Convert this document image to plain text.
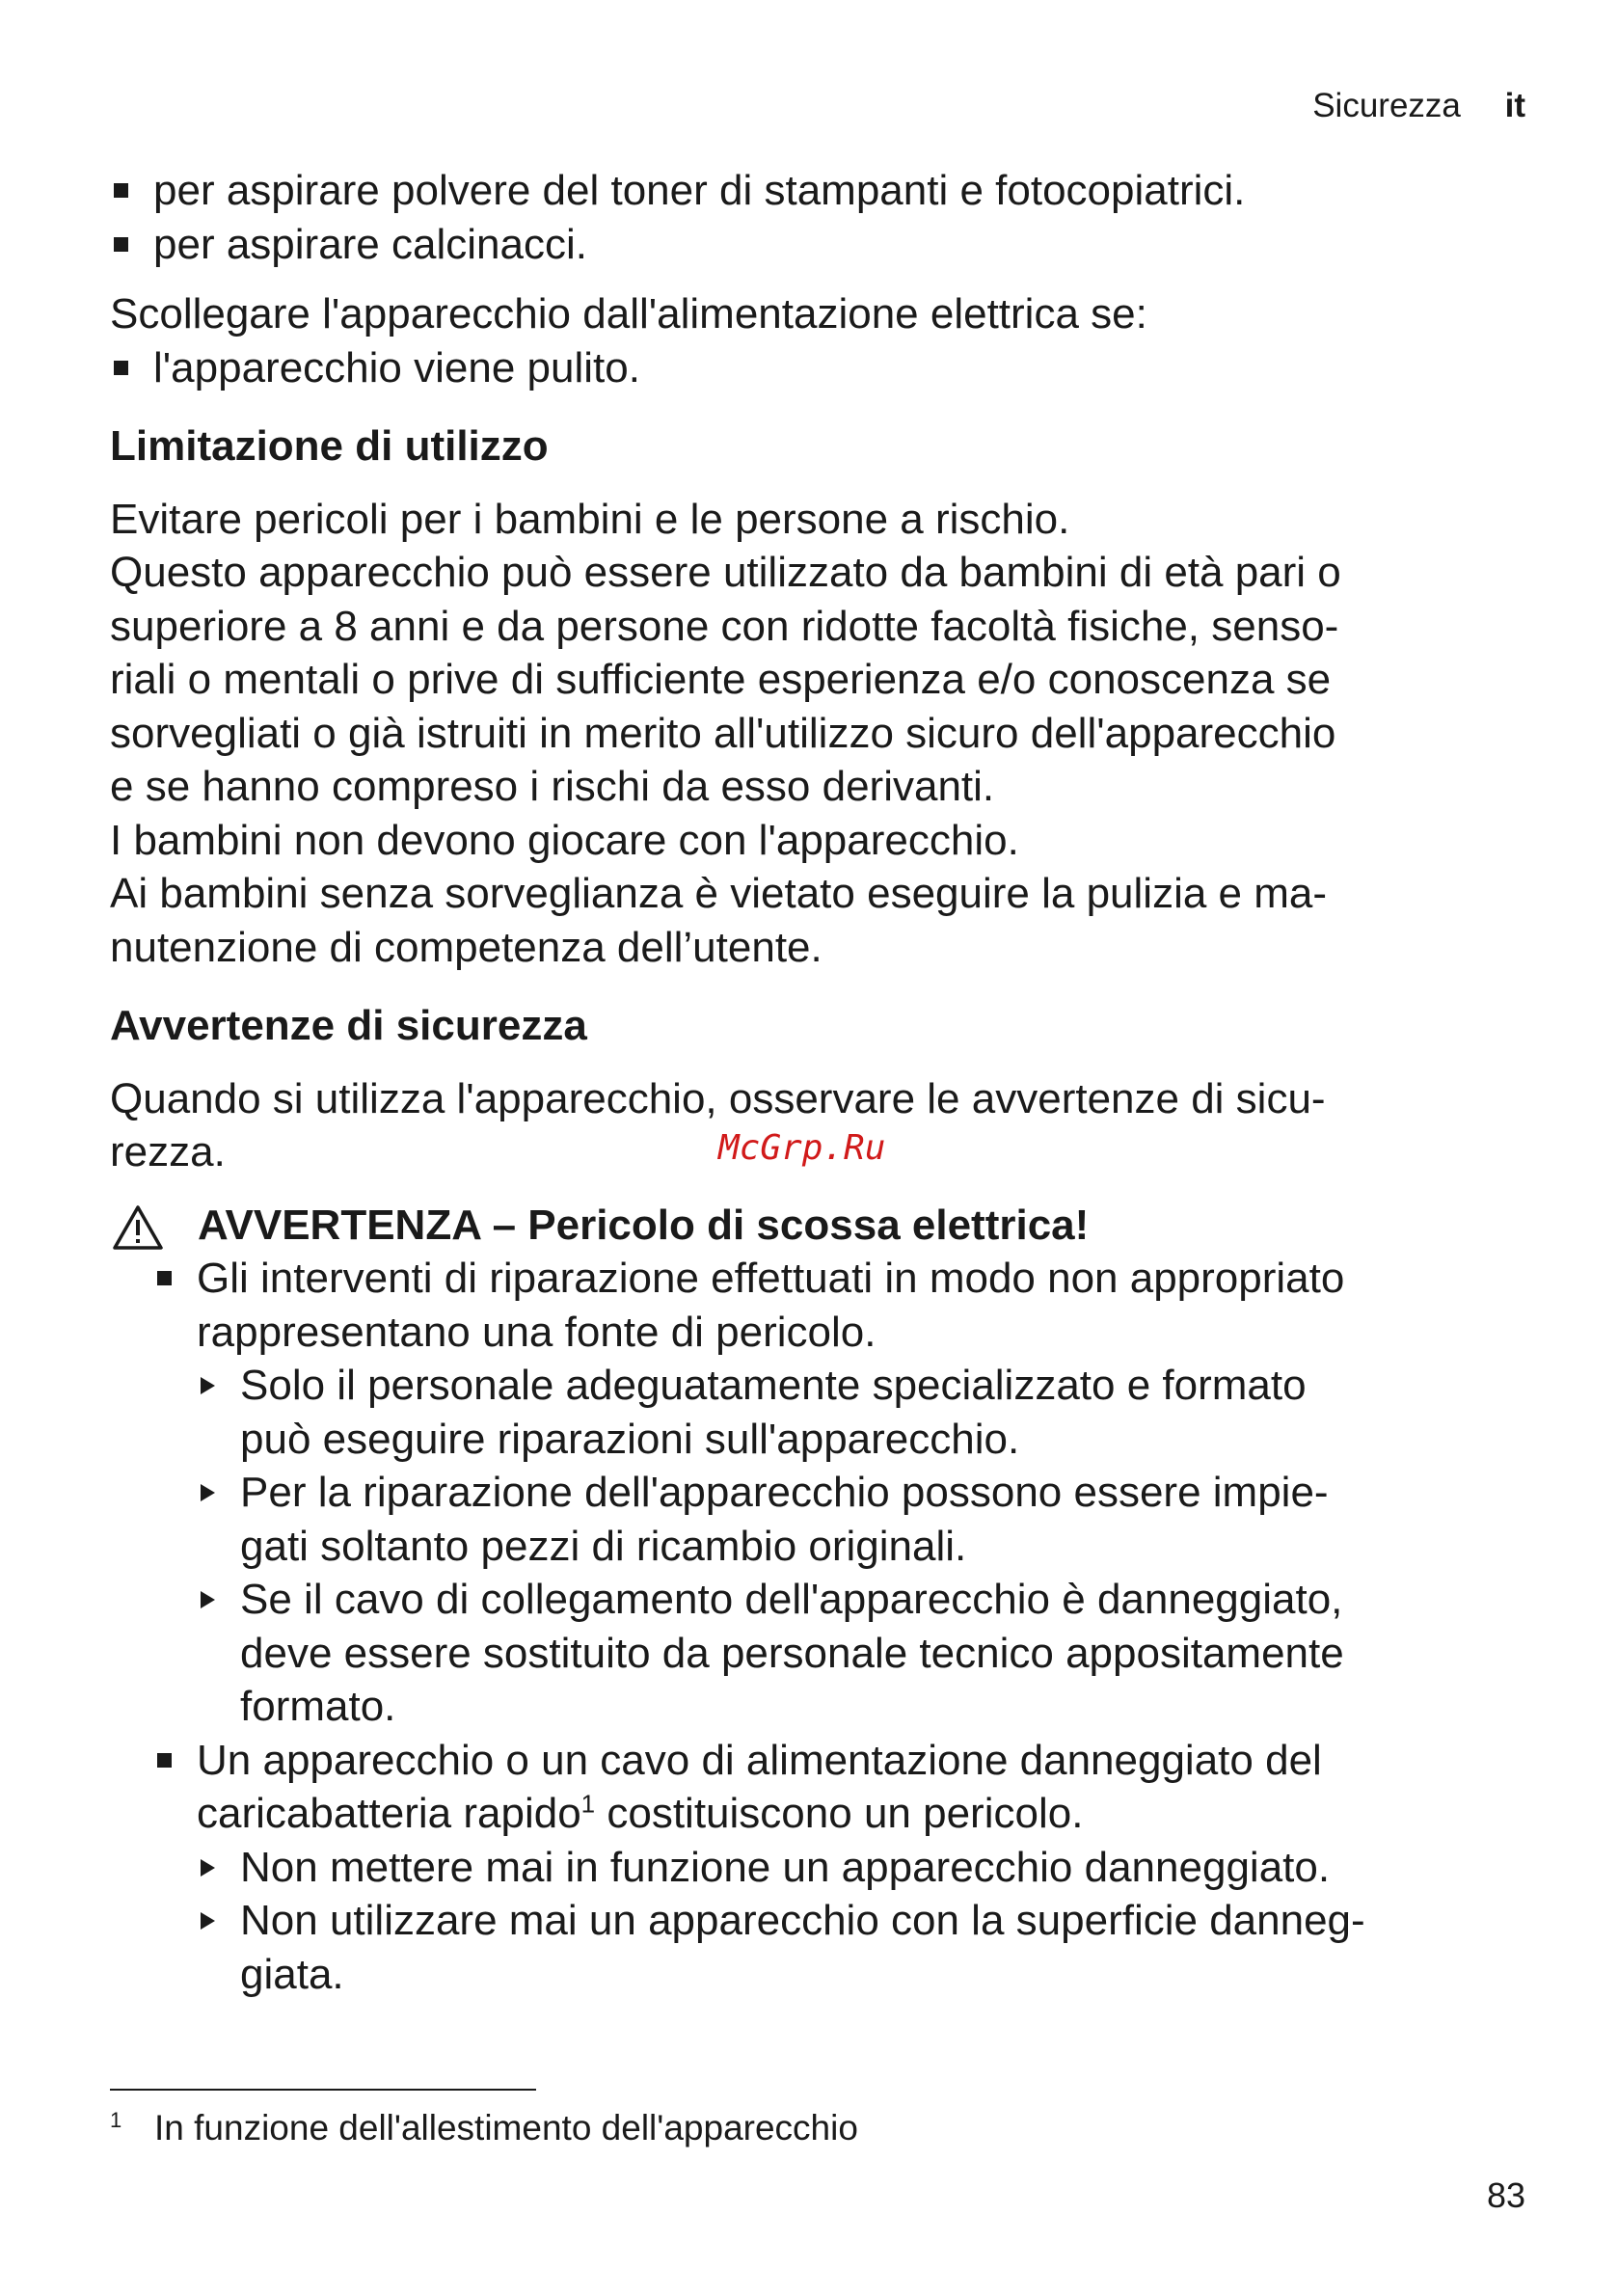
Sicurezza it
per aspirare polvere del toner di stampanti e fotocopiatrici.
per aspirare calcinacci.
Scollegare l'apparecchio dall'alimentazione elettrica se:
l'apparecchio viene pulito.
Limitazione di utilizzo
Evitare pericoli per i bambini e le persone a rischio.
Questo apparecchio può essere utilizzato da bambini di età pari o
superiore a 8 anni e da persone con ridotte facoltà fisiche, senso-
riali o mentali o prive di sufficiente esperienza e/o conoscenza se
sorvegliati o già istruiti in merito all'utilizzo sicuro dell'apparecchio
e se hanno compreso i rischi da esso derivanti.
I bambini non devono giocare con l'apparecchio.
Ai bambini senza sorveglianza è vietato eseguire la pulizia e ma-
nutenzione di competenza dell’utente.
Avvertenze di sicurezza
Quando si utilizza l'apparecchio, osservare le avvertenze di sicu-
rezza.
AVVERTENZA – Pericolo di scossa elettrica!
Gli interventi di riparazione effettuati in modo non appropriato
rappresentano una fonte di pericolo.
Solo il personale adeguatamente specializzato e formato
può eseguire riparazioni sull'apparecchio.
Per la riparazione dell'apparecchio possono essere impie-
gati soltanto pezzi di ricambio originali.
Se il cavo di collegamento dell'apparecchio è danneggiato,
deve essere sostituito da personale tecnico appositamente
formato.
Un apparecchio o un cavo di alimentazione danneggiato del
caricabatteria rapido$^1$ costituiscono un pericolo.
Non mettere mai in funzione un apparecchio danneggiato.
Non utilizzare mai un apparecchio con la superficie danneg-
giata.
McGrp.Ru
1 In funzione dell'allestimento dell'apparecchio
83
